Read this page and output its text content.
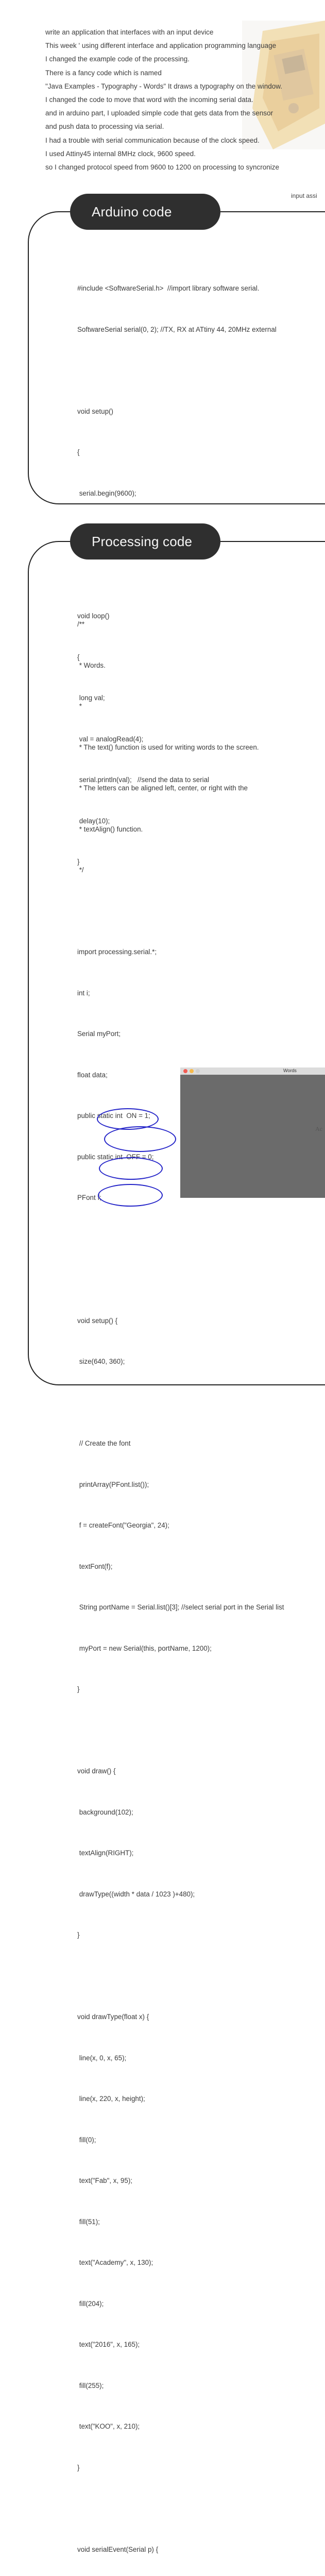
write an application that interfaces with an input device
This week ' using different interface and application programming language
I changed the example code of the processing.
There is a fancy code which is named
"Java Examples - Typography - Words" It draws a typography on the window.
I changed the code to move that word with the incoming serial data.
and in arduino part, I uploaded simple code that gets data from the sensor
and push data to processing via serial.
I had a trouble with serial communication because of the clock speed.
I used Attiny45 internal 8MHz clock, 9600 speed.
so I changed protocol speed from 9600 to 1200 on processing to syncronize
input assi
Arduino code

#include <SoftwareSerial.h>  //import library software serial.

SoftwareSerial serial(0, 2); //TX, RX at ATtiny 44, 20MHz external

void setup()

{

serial.begin(9600);

void loop()

{

long val;

val = analogRead(4);

serial.println(val);   //send the data to serial

delay(10);

}

Processing code

/**

* Words.

*

* The text() function is used for writing words to the screen.

* The letters can be aligned left, center, or right with the

* textAlign() function.

*/

import processing.serial.*;

int i;

Serial myPort;

float data;

public static int  ON = 1;

public static int  OFF = 0;

PFont f;

void setup() {

size(640, 360);

// Create the font

printArray(PFont.list());

f = createFont("Georgia", 24);

textFont(f);

String portName = Serial.list()[3]; //select serial port in the Serial list

myPort = new Serial(this, portName, 1200);

}

void draw() {

background(102);

textAlign(RIGHT);

drawType((width * data / 1023 )+480);

}

void drawType(float x) {

line(x, 0, x, 65);

line(x, 220, x, height);

fill(0);

text("Fab", x, 95);

fill(51);

text("Academy", x, 130);

fill(204);

text("2016", x, 165);

fill(255);

text("KOO", x, 210);

}

void serialEvent(Serial p) {

Words
Ac
